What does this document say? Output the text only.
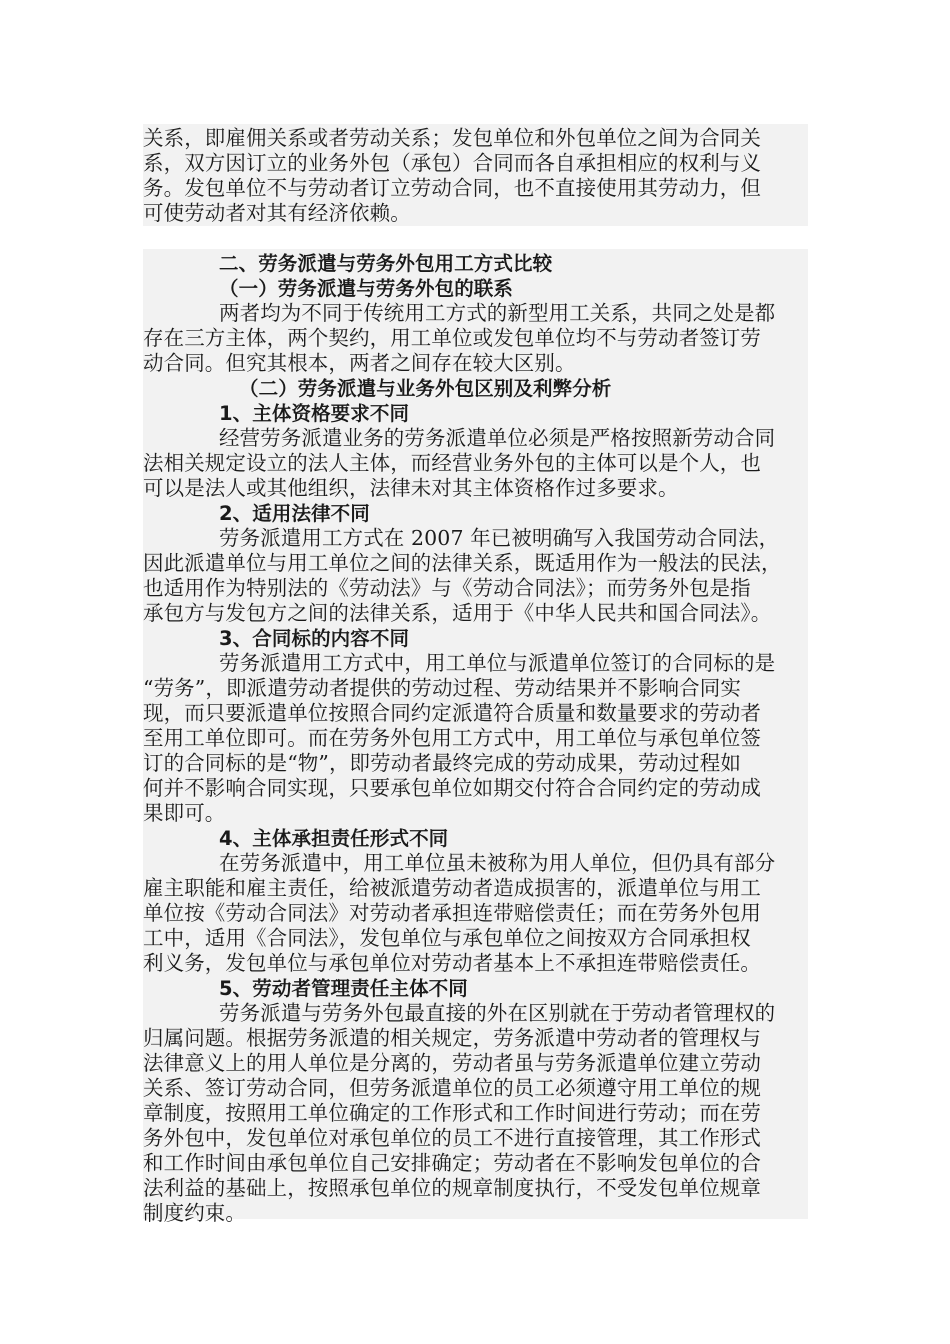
关系，即雇佣关系或者劳动关系；发包单位和外包单位之间为合同关
系，双方因订立的业务外包（承包）合同而各自承担相应的权利与义
务。发包单位不与劳动者订立劳动合同，也不直接使用其劳动力，但
可使劳动者对其有经济依赖。
二、劳务派遣与劳务外包用工方式比较
（一）劳务派遣与劳务外包的联系
两者均为不同于传统用工方式的新型用工关系，共同之处是都
存在三方主体，两个契约，用工单位或发包单位均不与劳动者签订劳
动合同。但究其根本，两者之间存在较大区别。
（二）劳务派遣与业务外包区别及利弊分析
1、主体资格要求不同
经营劳务派遣业务的劳务派遣单位必须是严格按照新劳动合同
法相关规定设立的法人主体，而经营业务外包的主体可以是个人，也
可以是法人或其他组织，法律未对其主体资格作过多要求。
2、适用法律不同
劳务派遣用工方式在 2007 年已被明确写入我国劳动合同法，
因此派遣单位与用工单位之间的法律关系，既适用作为一般法的民法，
也适用作为特别法的《劳动法》与《劳动合同法》；而劳务外包是指
承包方与发包方之间的法律关系，适用于《中华人民共和国合同法》。
3、合同标的内容不同
劳务派遣用工方式中，用工单位与派遣单位签订的合同标的是
“劳务”，即派遣劳动者提供的劳动过程、劳动结果并不影响合同实
现，而只要派遣单位按照合同约定派遣符合质量和数量要求的劳动者
至用工单位即可。而在劳务外包用工方式中，用工单位与承包单位签
订的合同标的是“物”，即劳动者最终完成的劳动成果，劳动过程如
何并不影响合同实现，只要承包单位如期交付符合合同约定的劳动成
果即可。
4、主体承担责任形式不同
在劳务派遣中，用工单位虽未被称为用人单位，但仍具有部分
雇主职能和雇主责任，给被派遣劳动者造成损害的，派遣单位与用工
单位按《劳动合同法》对劳动者承担连带赔偿责任；而在劳务外包用
工中，适用《合同法》，发包单位与承包单位之间按双方合同承担权
利义务，发包单位与承包单位对劳动者基本上不承担连带赔偿责任。
5、劳动者管理责任主体不同
劳务派遣与劳务外包最直接的外在区别就在于劳动者管理权的
归属问题。根据劳务派遣的相关规定，劳务派遣中劳动者的管理权与
法律意义上的用人单位是分离的，劳动者虽与劳务派遣单位建立劳动
关系、签订劳动合同，但劳务派遣单位的员工必须遵守用工单位的规
章制度，按照用工单位确定的工作形式和工作时间进行劳动；而在劳
务外包中，发包单位对承包单位的员工不进行直接管理，其工作形式
和工作时间由承包单位自己安排确定；劳动者在不影响发包单位的合
法利益的基础上，按照承包单位的规章制度执行，不受发包单位规章
制度约束。
